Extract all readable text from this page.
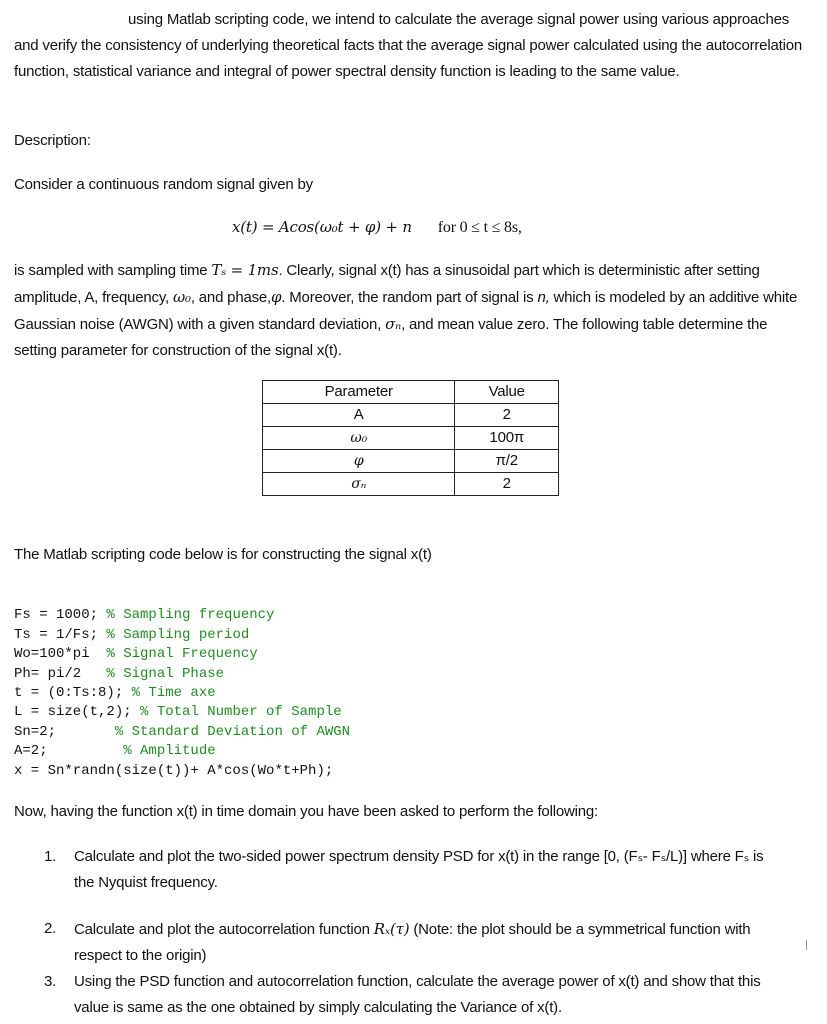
using Matlab scripting code, we intend to calculate the average signal power using various approaches and verify the consistency of underlying theoretical facts that the average signal power calculated using the autocorrelation function, statistical variance and integral of power spectral density function is leading to the same value.
Description:
Consider a continuous random signal given by
x(t) = Acos(ω₀t + φ) + n for 0 ≤ t ≤ 8s,
is sampled with sampling time Tₛ = 1ms. Clearly, signal x(t) has a sinusoidal part which is deterministic after setting amplitude, A, frequency, ω₀, and phase,φ. Moreover, the random part of signal is n, which is modeled by an additive white Gaussian noise (AWGN) with a given standard deviation, σₙ, and mean value zero. The following table determine the setting parameter for construction of the signal x(t).
Parameter	Value
A	2
ω₀	100π
φ	π/2
σₙ	2
The Matlab scripting code below is for constructing the signal x(t)

Fs = 1000; % Sampling frequency
Ts = 1/Fs; % Sampling period
Wo=100*pi  % Signal Frequency
Ph= pi/2   % Signal Phase
t = (0:Ts:8); % Time axe
L = size(t,2); % Total Number of Sample
Sn=2;       % Standard Deviation of AWGN
A=2;         % Amplitude
x = Sn*randn(size(t))+ A*cos(Wo*t+Ph);

Now, having the function x(t) in time domain you have been asked to perform the following:
1. Calculate and plot the two-sided power spectrum density PSD for x(t) in the range [0, (Fₛ- Fₛ/L)] where Fₛ is the Nyquist frequency.
2. Calculate and plot the autocorrelation function Rₓ(τ) (Note: the plot should be a symmetrical function with respect to the origin)
3. Using the PSD function and autocorrelation function, calculate the average power of x(t) and show that this value is same as the one obtained by simply calculating the Variance of x(t).
